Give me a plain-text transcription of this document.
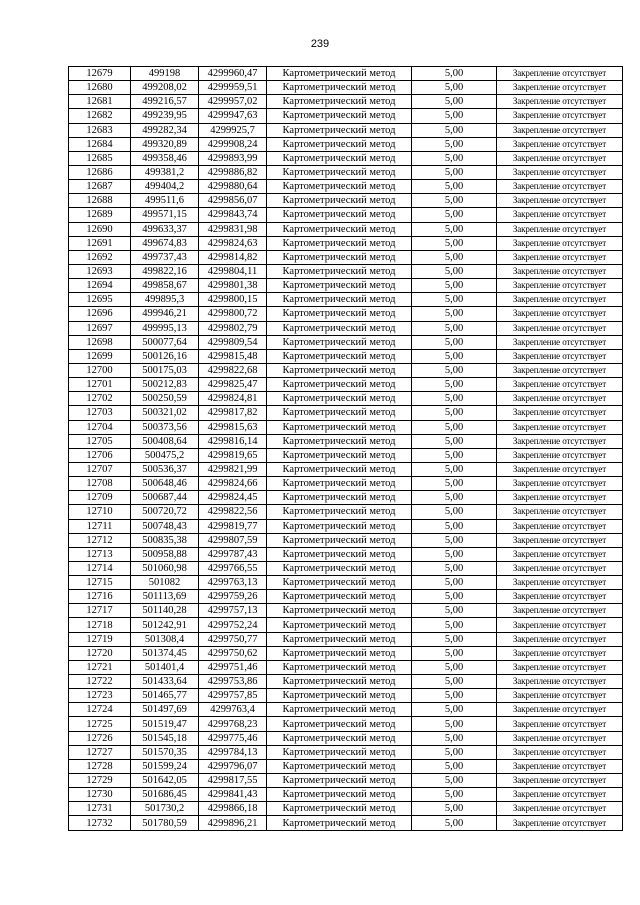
239
12679	499198	4299960,47	Картометрический метод	5,00	Закрепление отсутствует
12680	499208,02	4299959,51	Картометрический метод	5,00	Закрепление отсутствует
12681	499216,57	4299957,02	Картометрический метод	5,00	Закрепление отсутствует
12682	499239,95	4299947,63	Картометрический метод	5,00	Закрепление отсутствует
12683	499282,34	4299925,7	Картометрический метод	5,00	Закрепление отсутствует
12684	499320,89	4299908,24	Картометрический метод	5,00	Закрепление отсутствует
12685	499358,46	4299893,99	Картометрический метод	5,00	Закрепление отсутствует
12686	499381,2	4299886,82	Картометрический метод	5,00	Закрепление отсутствует
12687	499404,2	4299880,64	Картометрический метод	5,00	Закрепление отсутствует
12688	499511,6	4299856,07	Картометрический метод	5,00	Закрепление отсутствует
12689	499571,15	4299843,74	Картометрический метод	5,00	Закрепление отсутствует
12690	499633,37	4299831,98	Картометрический метод	5,00	Закрепление отсутствует
12691	499674,83	4299824,63	Картометрический метод	5,00	Закрепление отсутствует
12692	499737,43	4299814,82	Картометрический метод	5,00	Закрепление отсутствует
12693	499822,16	4299804,11	Картометрический метод	5,00	Закрепление отсутствует
12694	499858,67	4299801,38	Картометрический метод	5,00	Закрепление отсутствует
12695	499895,3	4299800,15	Картометрический метод	5,00	Закрепление отсутствует
12696	499946,21	4299800,72	Картометрический метод	5,00	Закрепление отсутствует
12697	499995,13	4299802,79	Картометрический метод	5,00	Закрепление отсутствует
12698	500077,64	4299809,54	Картометрический метод	5,00	Закрепление отсутствует
12699	500126,16	4299815,48	Картометрический метод	5,00	Закрепление отсутствует
12700	500175,03	4299822,68	Картометрический метод	5,00	Закрепление отсутствует
12701	500212,83	4299825,47	Картометрический метод	5,00	Закрепление отсутствует
12702	500250,59	4299824,81	Картометрический метод	5,00	Закрепление отсутствует
12703	500321,02	4299817,82	Картометрический метод	5,00	Закрепление отсутствует
12704	500373,56	4299815,63	Картометрический метод	5,00	Закрепление отсутствует
12705	500408,64	4299816,14	Картометрический метод	5,00	Закрепление отсутствует
12706	500475,2	4299819,65	Картометрический метод	5,00	Закрепление отсутствует
12707	500536,37	4299821,99	Картометрический метод	5,00	Закрепление отсутствует
12708	500648,46	4299824,66	Картометрический метод	5,00	Закрепление отсутствует
12709	500687,44	4299824,45	Картометрический метод	5,00	Закрепление отсутствует
12710	500720,72	4299822,56	Картометрический метод	5,00	Закрепление отсутствует
12711	500748,43	4299819,77	Картометрический метод	5,00	Закрепление отсутствует
12712	500835,38	4299807,59	Картометрический метод	5,00	Закрепление отсутствует
12713	500958,88	4299787,43	Картометрический метод	5,00	Закрепление отсутствует
12714	501060,98	4299766,55	Картометрический метод	5,00	Закрепление отсутствует
12715	501082	4299763,13	Картометрический метод	5,00	Закрепление отсутствует
12716	501113,69	4299759,26	Картометрический метод	5,00	Закрепление отсутствует
12717	501140,28	4299757,13	Картометрический метод	5,00	Закрепление отсутствует
12718	501242,91	4299752,24	Картометрический метод	5,00	Закрепление отсутствует
12719	501308,4	4299750,77	Картометрический метод	5,00	Закрепление отсутствует
12720	501374,45	4299750,62	Картометрический метод	5,00	Закрепление отсутствует
12721	501401,4	4299751,46	Картометрический метод	5,00	Закрепление отсутствует
12722	501433,64	4299753,86	Картометрический метод	5,00	Закрепление отсутствует
12723	501465,77	4299757,85	Картометрический метод	5,00	Закрепление отсутствует
12724	501497,69	4299763,4	Картометрический метод	5,00	Закрепление отсутствует
12725	501519,47	4299768,23	Картометрический метод	5,00	Закрепление отсутствует
12726	501545,18	4299775,46	Картометрический метод	5,00	Закрепление отсутствует
12727	501570,35	4299784,13	Картометрический метод	5,00	Закрепление отсутствует
12728	501599,24	4299796,07	Картометрический метод	5,00	Закрепление отсутствует
12729	501642,05	4299817,55	Картометрический метод	5,00	Закрепление отсутствует
12730	501686,45	4299841,43	Картометрический метод	5,00	Закрепление отсутствует
12731	501730,2	4299866,18	Картометрический метод	5,00	Закрепление отсутствует
12732	501780,59	4299896,21	Картометрический метод	5,00	Закрепление отсутствует
